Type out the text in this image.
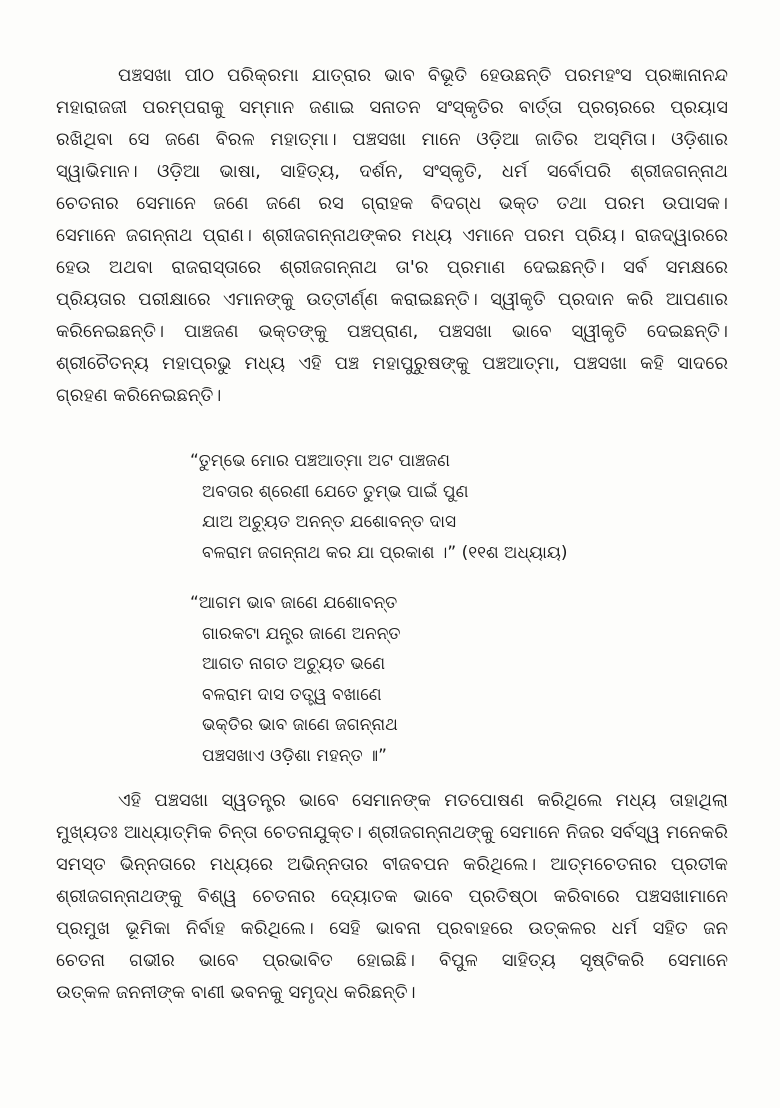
ପଞ୍ଚସଖା ପୀଠ ପରିକ୍ରମା ଯାତ୍ରାର ଭାବ ବିଭୂତି ହେଉଛନ୍ତି ପରମହଂସ ପ୍ରଜ୍ଞାନାନନ୍ଦ
ମହାରାଜଜୀ ପରମ୍ପରାକୁ ସମ୍ମାନ ଜଣାଇ ସନାତନ ସଂସ୍କୃତିର ବାର୍ତ୍ତା ପ୍ରଚାରରେ ପ୍ରୟାସ
ରଖିଥିବା ସେ ଜଣେ ବିରଳ ମହାତ୍ମା। ପଞ୍ଚସଖା ମାନେ ଓଡ଼ିଆ ଜାତିର ଅସ୍ମିତା। ଓଡ଼ିଶାର
ସ୍ୱାଭିମାନ। ଓଡ଼ିଆ ଭାଷା, ସାହିତ୍ୟ, ଦର୍ଶନ, ସଂସ୍କୃତି, ଧର୍ମ ସର୍ବୋପରି ଶ୍ରୀଜଗନ୍ନାଥ
ଚେତନାର ସେମାନେ ଜଣେ ଜଣେ ରସ ଗ୍ରାହକ ବିଦଗ୍ଧ ଭକ୍ତ ତଥା ପରମ ଉପାସକ।
ସେମାନେ ଜଗନ୍ନାଥ ପ୍ରାଣ। ଶ୍ରୀଜଗନ୍ନାଥଙ୍କର ମଧ୍ୟ ଏମାନେ ପରମ ପ୍ରିୟ। ରାଜଦ୍ୱାରରେ
ହେଉ ଅଥବା ରାଜରାସ୍ତାରେ ଶ୍ରୀଜଗନ୍ନାଥ ତା'ର ପ୍ରମାଣ ଦେଇଛନ୍ତି। ସର୍ବ ସମକ୍ଷରେ
ପ୍ରିୟତାର ପରୀକ୍ଷାରେ ଏମାନଙ୍କୁ ଉତ୍ତୀର୍ଣ୍ଣ କରାଇଛନ୍ତି। ସ୍ୱୀକୃତି ପ୍ରଦାନ କରି ଆପଣାର
କରିନେଇଛନ୍ତି। ପାଞ୍ଚଜଣ ଭକ୍ତଙ୍କୁ ପଞ୍ଚପ୍ରାଣ, ପଞ୍ଚସଖା ଭାବେ ସ୍ୱୀକୃତି ଦେଇଛନ୍ତି।
ଶ୍ରୀଚୈତନ୍ୟ ମହାପ୍ରଭୁ ମଧ୍ୟ ଏହି ପଞ୍ଚ ମହାପୁରୁଷଙ୍କୁ ପଞ୍ଚଆତ୍ମା, ପଞ୍ଚସଖା କହି ସାଦରେ
ଗ୍ରହଣ କରିନେଇଛନ୍ତି।
“ତୁମ୍ଭେ ମୋର ପଞ୍ଚଆତ୍ମା ଅଟ ପାଞ୍ଚଜଣ
ଅବତାର ଶ୍ରେଣୀ ଯେତେ ତୁମ୍ଭ ପାଇଁ ପୁଣ
ଯାଅ ଅଚ୍ୟୁତ ଅନନ୍ତ ଯଶୋବନ୍ତ ଦାସ
ବଳରାମ ଜଗନ୍ନାଥ କର ଯା ପ୍ରକାଶ ।” (୧୧ଶ ଅଧ୍ୟାୟ)
“ଆଗମ ଭାବ ଜାଣେ ଯଶୋବନ୍ତ
ଗାରକଟା ଯନ୍ତ୍ର ଜାଣେ ଅନନ୍ତ
ଆଗତ ନାଗତ ଅଚ୍ୟୁତ ଭଣେ
ବଳରାମ ଦାସ ତତ୍ତ୍ୱ ବଖାଣେ
ଭକ୍ତିର ଭାବ ଜାଣେ ଜଗନ୍ନାଥ
ପଞ୍ଚସଖାଏ ଓଡ଼ିଶା ମହନ୍ତ ॥”
ଏହି ପଞ୍ଚସଖା ସ୍ୱତନ୍ତ୍ର ଭାବେ ସେମାନଙ୍କ ମତପୋଷଣ କରିଥିଲେ ମଧ୍ୟ ତାହାଥିଲା
ମୁଖ୍ୟତଃ ଆଧ୍ୟାତ୍ମିକ ଚିନ୍ତା ଚେତନାଯୁକ୍ତ। ଶ୍ରୀଜଗନ୍ନାଥଙ୍କୁ ସେମାନେ ନିଜର ସର୍ବସ୍ୱ ମନେକରି
ସମସ୍ତ ଭିନ୍ନତାରେ ମଧ୍ୟରେ ଅଭିନ୍ନତାର ବୀଜବପନ କରିଥିଲେ। ଆତ୍ମଚେତନାର ପ୍ରତୀକ
ଶ୍ରୀଜଗନ୍ନାଥଙ୍କୁ ବିଶ୍ୱ ଚେତନାର ଦ୍ୟୋତକ ଭାବେ ପ୍ରତିଷ୍ଠା କରିବାରେ ପଞ୍ଚସଖାମାନେ
ପ୍ରମୁଖ ଭୂମିକା ନିର୍ବାହ କରିଥିଲେ। ସେହି ଭାବନା ପ୍ରବାହରେ ଉତ୍କଳର ଧର୍ମ ସହିତ ଜନ
ଚେତନା ଗଭୀର ଭାବେ ପ୍ରଭାବିତ ହୋଇଛି। ବିପୁଳ ସାହିତ୍ୟ ସୃଷ୍ଟିକରି ସେମାନେ
ଉତ୍କଳ ଜନନୀଙ୍କ ବାଣୀ ଭବନକୁ ସମୃଦ୍ଧ କରିଛନ୍ତି।
